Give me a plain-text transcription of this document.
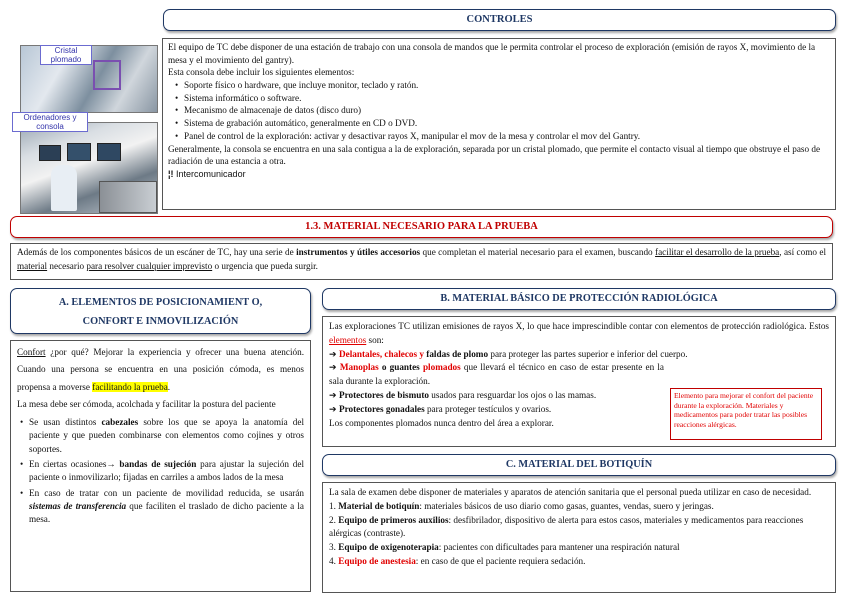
CONTROLES
Cristal plomado
Ordenadores y consola

El equipo de TC debe disponer de una estación de trabajo con una consola de mandos que le permita controlar el proceso de exploración (emisión de rayos X, movimiento de la mesa y el movimiento del gantry).

Esta consola debe incluir los siguientes elementos:

• Soporte físico o hardware, que incluye monitor, teclado y ratón.
• Sistema informático o software.
• Mecanismo de almacenaje de datos (disco duro)
• Sistema de grabación automático, generalmente en CD o DVD.
• Panel de control de la exploración: activar y desactivar rayos X, manipular el mov de la mesa y controlar el mov del Gantry.

Generalmente, la consola se encuentra en una sala contigua a la de exploración, separada por un cristal plomado, que permite el contacto visual al tiempo que obstruye el paso de radiación de una estancia a otra.

¦! Intercomunicador

1.3. MATERIAL NECESARIO PARA LA PRUEBA
Además de los componentes básicos de un escáner de TC, hay una serie de instrumentos y útiles accesorios que completan el material necesario para el examen, buscando facilitar el desarrollo de la prueba, así como el material necesario para resolver cualquier imprevisto o urgencia que pueda surgir.
A. ELEMENTOS DE POSICIONAMIENT O,
CONFORT E INMOVILIZACIÓN

Confort ¿por qué? Mejorar la experiencia y ofrecer una buena atención. Cuando una persona se encuentra en una posición cómoda, es menos propensa a moverse facilitando la prueba.

La mesa debe ser cómoda, acolchada y facilitar la postura del paciente

• Se usan distintos cabezales sobre los que se apoya la anatomía del paciente y que pueden combinarse con elementos como cojines y otros soportes.
• En ciertas ocasiones→ bandas de sujeción para ajustar la sujeción del paciente o inmovilizarlo; fijadas en carriles a ambos lados de la mesa
• En caso de tratar con un paciente de movilidad reducida, se usarán sistemas de transferencia que faciliten el traslado de dicho paciente a la mesa.
B. MATERIAL BÁSICO DE PROTECCIÓN RADIOLÓGICA

Las exploraciones TC utilizan emisiones de rayos X, lo que hace imprescindible contar con elementos de protección radiológica. Estos elementos son:

➔ Delantales, chalecos y faldas de plomo para proteger las partes superior e inferior del cuerpo.

➔ Manoplas o guantes plomados que llevará el técnico en caso de estar presente en la sala durante la exploración.

➔ Protectores de bismuto usados para resguardar los ojos o las mamas.

➔ Protectores gonadales para proteger testículos y ovarios.

Los componentes plomados nunca dentro del área a explorar.

Elemento para mejorar el confort del paciente durante la exploración. Materiales y medicamentos para poder tratar las posibles reacciones alérgicas.
C. MATERIAL DEL BOTIQUÍN

La sala de examen debe disponer de materiales y aparatos de atención sanitaria que el personal pueda utilizar en caso de necesidad.

1. Material de botiquín: materiales básicos de uso diario como gasas, guantes, vendas, suero y jeringas.

2. Equipo de primeros auxilios: desfibrilador, dispositivo de alerta para estos casos, materiales y medicamentos para reacciones alérgicas (contraste).

3. Equipo de oxigenoterapia: pacientes con dificultades para mantener una respiración natural

4. Equipo de anestesia: en caso de que el paciente requiera sedación.
